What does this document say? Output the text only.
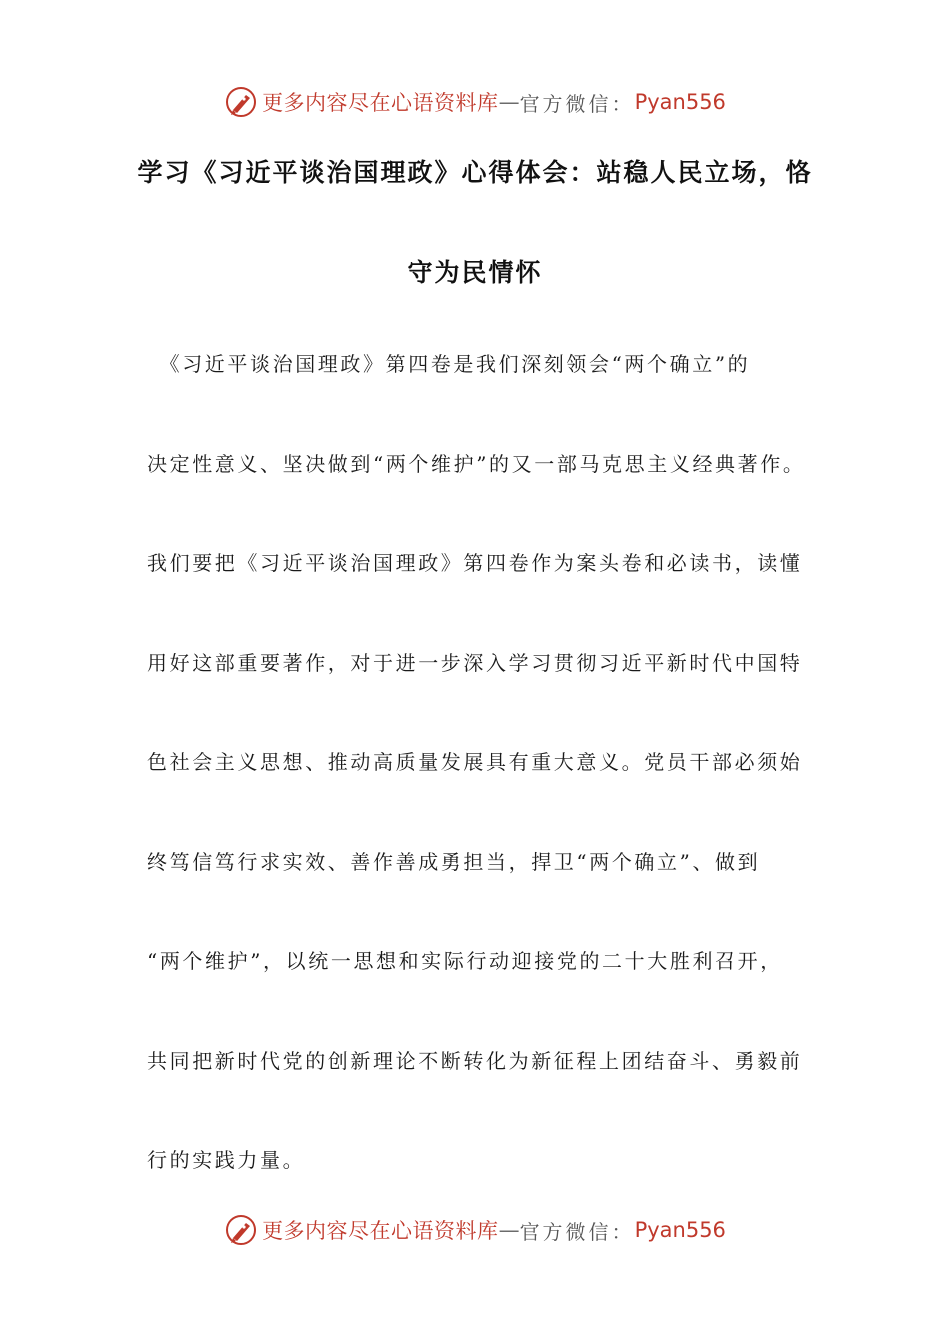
更多内容尽在心语资料库 — 官方微信： Pyan556
学习《习近平谈治国理政》心得体会：站稳人民立场，恪
守为民情怀
　《习近平谈治国理政》第四卷是我们深刻领会“两个确立”的
决定性意义、坚决做到“两个维护”的又一部马克思主义经典著作。
我们要把《习近平谈治国理政》第四卷作为案头卷和必读书，读懂
用好这部重要著作，对于进一步深入学习贯彻习近平新时代中国特
色社会主义思想、推动高质量发展具有重大意义。党员干部必须始
终笃信笃行求实效、善作善成勇担当，捍卫“两个确立”、做到
“两个维护”，以统一思想和实际行动迎接党的二十大胜利召开，
共同把新时代党的创新理论不断转化为新征程上团结奋斗、勇毅前
行的实践力量。
更多内容尽在心语资料库 — 官方微信： Pyan556
